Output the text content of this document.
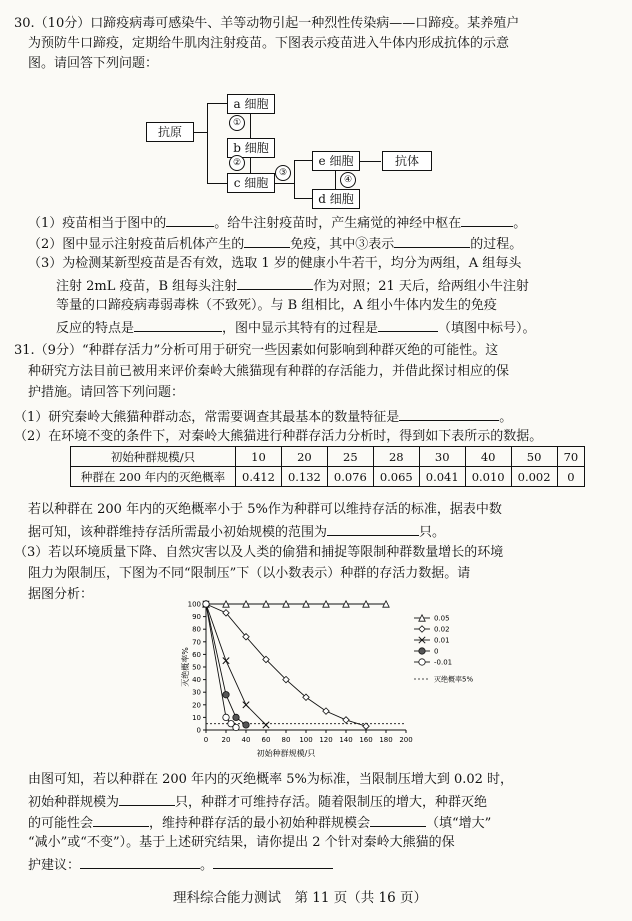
30.（10分）口蹄疫病毒可感染牛、羊等动物引起一种烈性传染病——口蹄疫。某养殖户
为预防牛口蹄疫，定期给牛肌肉注射疫苗。下图表示疫苗进入牛体内形成抗体的示意
图。请回答下列问题：
抗原
a 细胞
①
b 细胞
②
c 细胞
③
e 细胞
d 细胞
④
抗体
（1）疫苗相当于图中的	。给牛注射疫苗时，产生痛觉的神经中枢在	。
（2）图中显示注射疫苗后机体产生的	免疫，其中③表示	的过程。
（3）为检测某新型疫苗是否有效，选取 1 岁的健康小牛若干，均分为两组，A 组每头
注射 2mL 疫苗，B 组每头注射	作为对照；21 天后，给两组小牛注射
等量的口蹄疫病毒弱毒株（不致死）。与 B 组相比，A 组小牛体内发生的免疫
反应的特点是	，图中显示其特有的过程是	（填图中标号）。
31.（9分）“种群存活力”分析可用于研究一些因素如何影响到种群灭绝的可能性。这
种研究方法目前已被用来评价秦岭大熊猫现有种群的存活能力，并借此探讨相应的保
护措施。请回答下列问题：
（1）研究秦岭大熊猫种群动态，常需要调查其最基本的数量特征是	。
（2）在环境不变的条件下，对秦岭大熊猫进行种群存活力分析时，得到如下表所示的数据。
初始种群规模/只	10	20	25	28	30	40	50	70
种群在 200 年内的灭绝概率	0.412	0.132	0.076	0.065	0.041	0.010	0.002	0
若以种群在 200 年内的灭绝概率小于 5%作为种群可以维持存活的标准，据表中数
据可知，该种群维持存活所需最小初始规模的范围为	只。
（3）若以环境质量下降、自然灾害以及人类的偷猎和捕捉等限制种群数量增长的环境
阻力为限制压，下图为不同“限制压”下（以小数表示）种群的存活力数据。请
据图分析：
0 20 40 60 80 100 120 140 160 180 200
0
10
20
30
40
50
60
70
80
90
100
初始种群规模/只
灭绝概率%
0.05
0.02
0.01
0
-0.01
灭绝概率5%
由图可知，若以种群在 200 年内的灭绝概率 5%为标准，当限制压增大到 0.02 时，
初始种群规模为	只，种群才可维持存活。随着限制压的增大，种群灭绝
的可能性会	，维持种群存活的最小初始种群规模会	（填“增大”
“减小”或“不变”）。基于上述研究结果，请你提出 2 个针对秦岭大熊猫的保
护建议：	。
理科综合能力测试　第 11 页（共 16 页）
